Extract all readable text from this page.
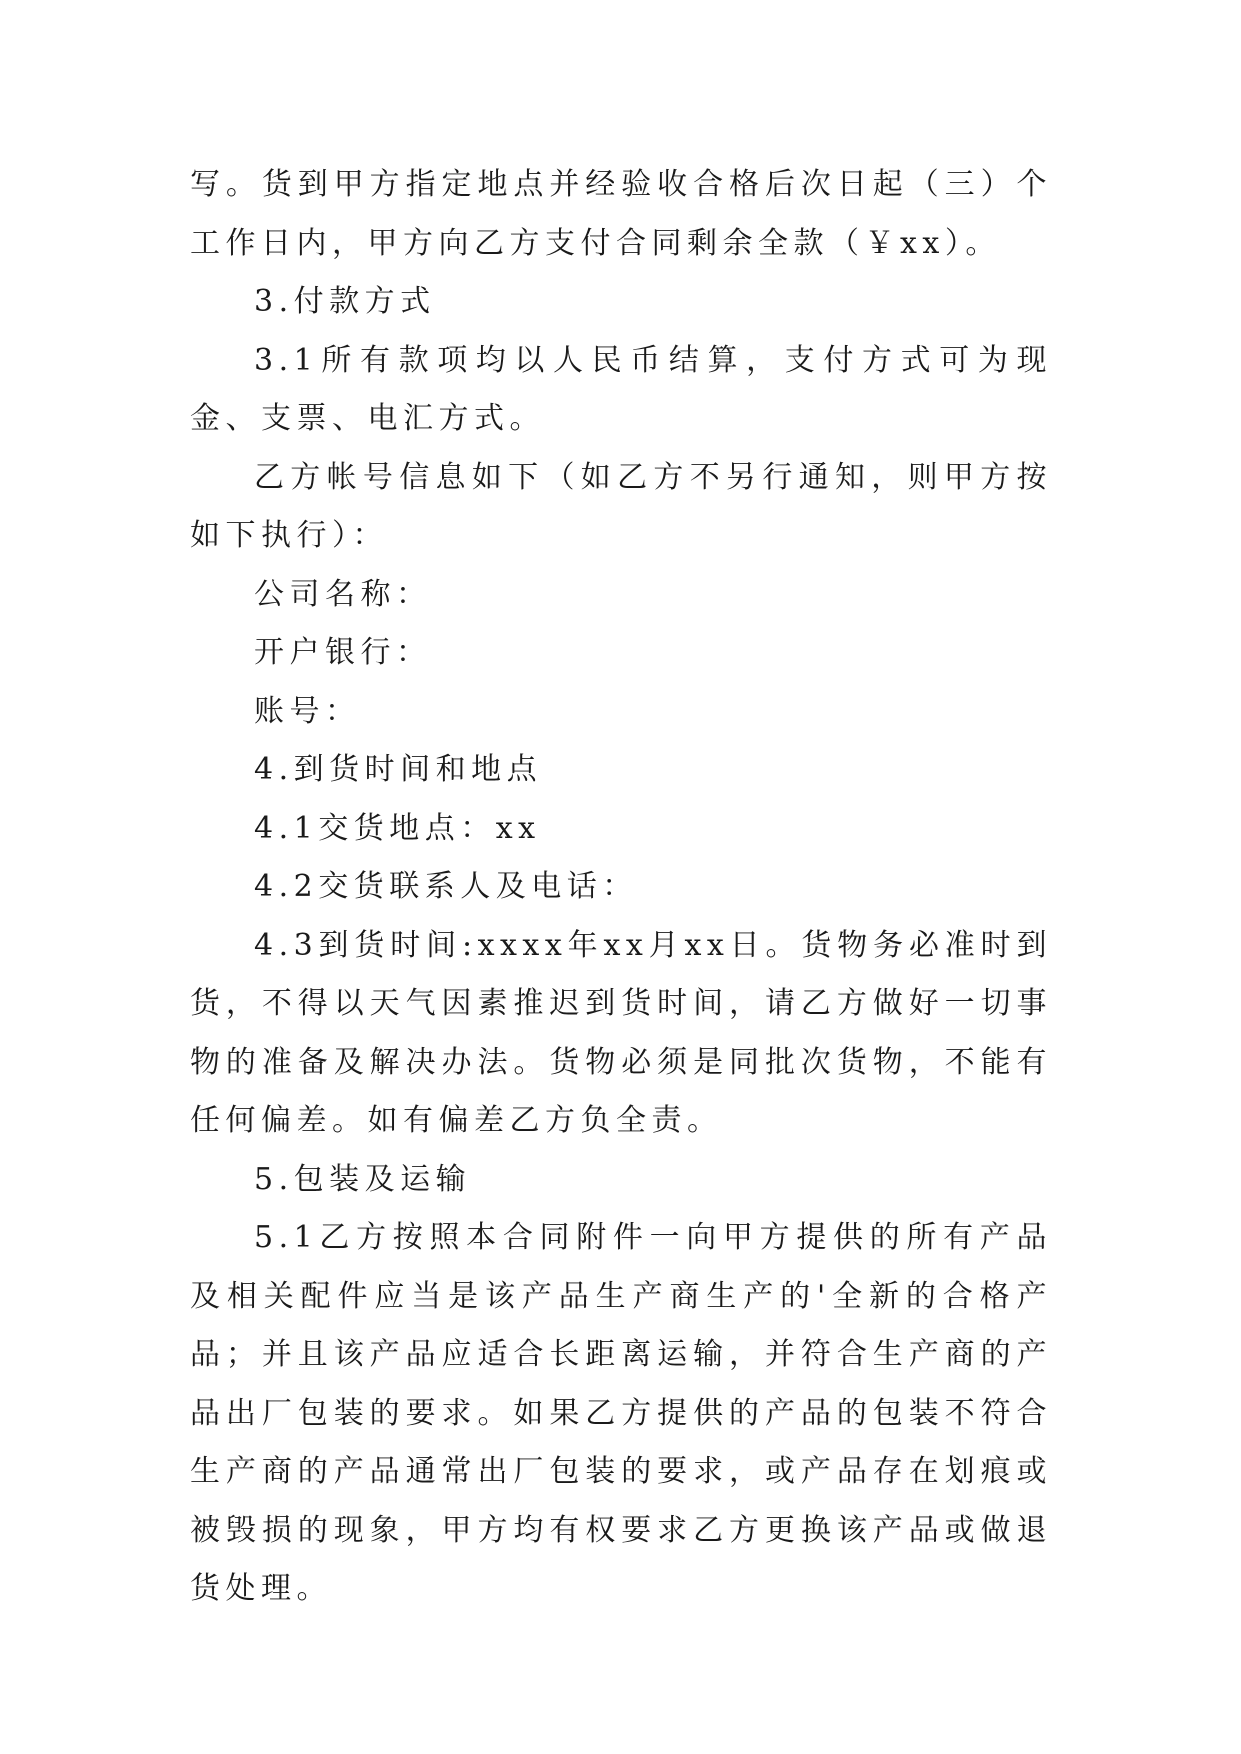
写。货到甲方指定地点并经验收合格后次日起（三）个工作日内，甲方向乙方支付合同剩余全款（￥xx）。

3.付款方式

3.1所有款项均以人民币结算，支付方式可为现金、支票、电汇方式。

乙方帐号信息如下（如乙方不另行通知，则甲方按如下执行）：

公司名称：

开户银行：

账号：

4.到货时间和地点

4.1交货地点：xx

4.2交货联系人及电话：

4.3到货时间:xxxx年xx月xx日。货物务必准时到货，不得以天气因素推迟到货时间，请乙方做好一切事物的准备及解决办法。货物必须是同批次货物，不能有任何偏差。如有偏差乙方负全责。

5.包装及运输

5.1乙方按照本合同附件一向甲方提供的所有产品及相关配件应当是该产品生产商生产的'全新的合格产品；并且该产品应适合长距离运输，并符合生产商的产品出厂包装的要求。如果乙方提供的产品的包装不符合生产商的产品通常出厂包装的要求，或产品存在划痕或被毁损的现象，甲方均有权要求乙方更换该产品或做退货处理。
